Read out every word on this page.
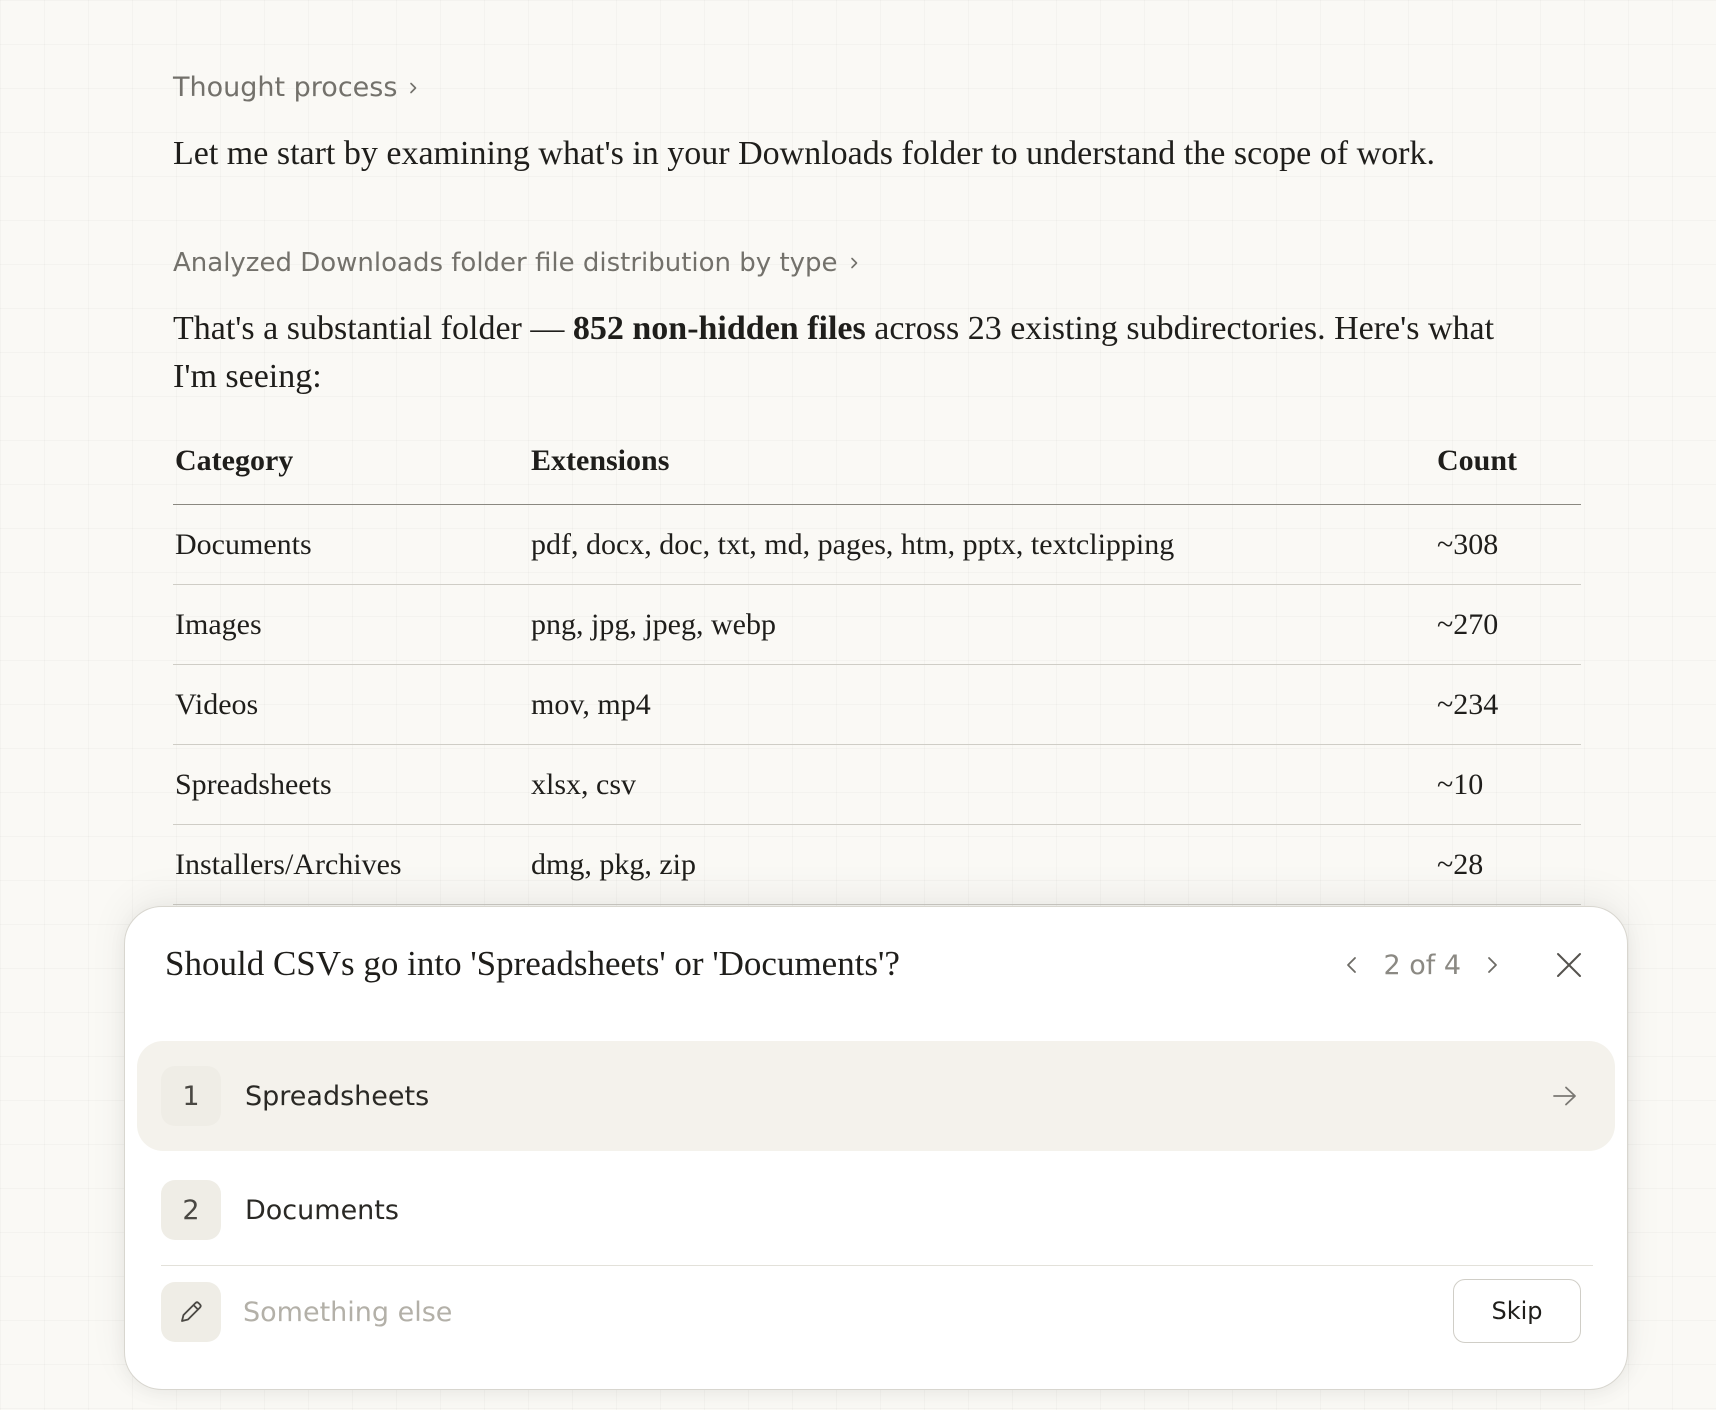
Thought process
Let me start by examining what's in your Downloads folder to understand the scope of work.
Analyzed Downloads folder file distribution by type
That's a substantial folder — 852 non-hidden files across 23 existing subdirectories. Here's what I'm seeing:
Category	Extensions	Count
Documents	pdf, docx, doc, txt, md, pages, htm, pptx, textclipping	~308
Images	png, jpg, jpeg, webp	~270
Videos	mov, mp4	~234
Spreadsheets	xlsx, csv	~10
Installers/Archives	dmg, pkg, zip	~28
Should CSVs go into 'Spreadsheets' or 'Documents'?	2 of 4
1	Spreadsheets
2	Documents
Something else
Skip
